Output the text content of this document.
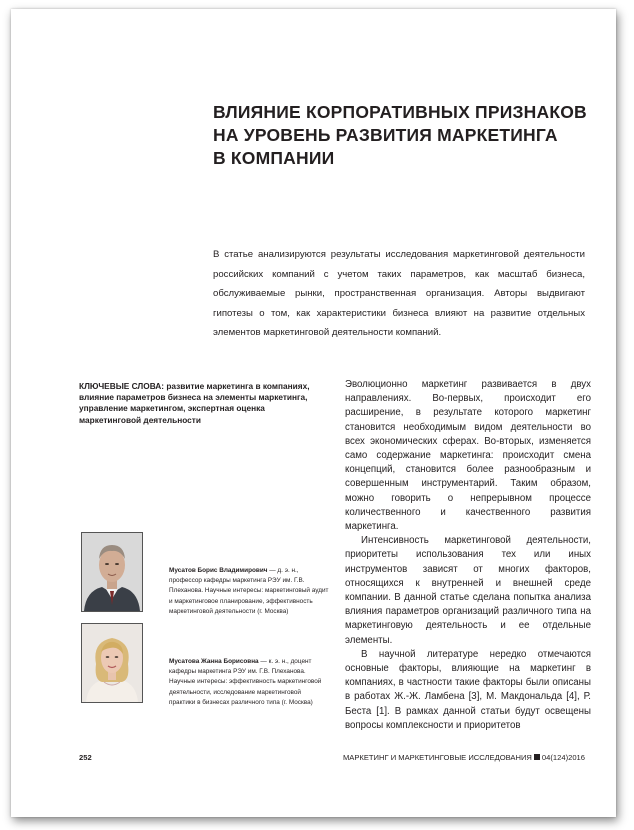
ВЛИЯНИЕ КОРПОРАТИВНЫХ ПРИЗНАКОВ
НА УРОВЕНЬ РАЗВИТИЯ МАРКЕТИНГА
В КОМПАНИИ
В статье анализируются результаты исследования маркетинговой деятельности российских компаний с учетом таких параметров, как масштаб бизнеса, обслуживаемые рынки, пространственная организация. Авторы выдвигают гипотезы о том, как характеристики бизнеса влияют на развитие отдельных элементов маркетинговой деятельности компаний.
КЛЮЧЕВЫЕ СЛОВА: развитие маркетинга в компаниях, влияние параметров бизнеса на элементы маркетинга, управление маркетингом, экспертная оценка маркетинговой деятельности
Мусатов Борис Владимирович — д. э. н., профессор кафедры маркетинга РЭУ им. Г.В. Плеханова. Научные интересы: маркетинговый аудит и маркетинговое планирование, эффективность маркетинговой деятельности (г. Москва)
Мусатова Жанна Борисовна — к. э. н., доцент кафедры маркетинга РЭУ им. Г.В. Плеханова. Научные интересы: эффективность маркетинговой деятельности, исследование маркетинговой практики в бизнесах различного типа (г. Москва)

Эволюционно маркетинг развивается в двух направлениях. Во-первых, происходит его расширение, в результате которого маркетинг становится необходимым видом деятельности во всех экономических сферах. Во-вторых, изменяется само содержание маркетинга: происходит смена концепций, становится более разнообразным и совершенным инструментарий. Таким образом, можно говорить о непрерывном процессе количественного и качественного развития маркетинга.

Интенсивность маркетинговой деятельности, приоритеты использования тех или иных инструментов зависят от многих факторов, относящихся к внутренней и внешней среде компании. В данной статье сделана попытка анализа влияния параметров организаций различного типа на маркетинговую деятельность и ее отдельные элементы.

В научной литературе нередко отмечаются основные факторы, влияющие на маркетинг в компаниях, в частности такие факторы были описаны в работах Ж.-Ж. Ламбена [3], М. Макдональда [4], Р. Беста [1]. В рамках данной статьи будут освещены вопросы комплексности и приоритетов

252	МАРКЕТИНГ И МАРКЕТИНГОВЫЕ ИССЛЕДОВАНИЯ 04(124)2016
